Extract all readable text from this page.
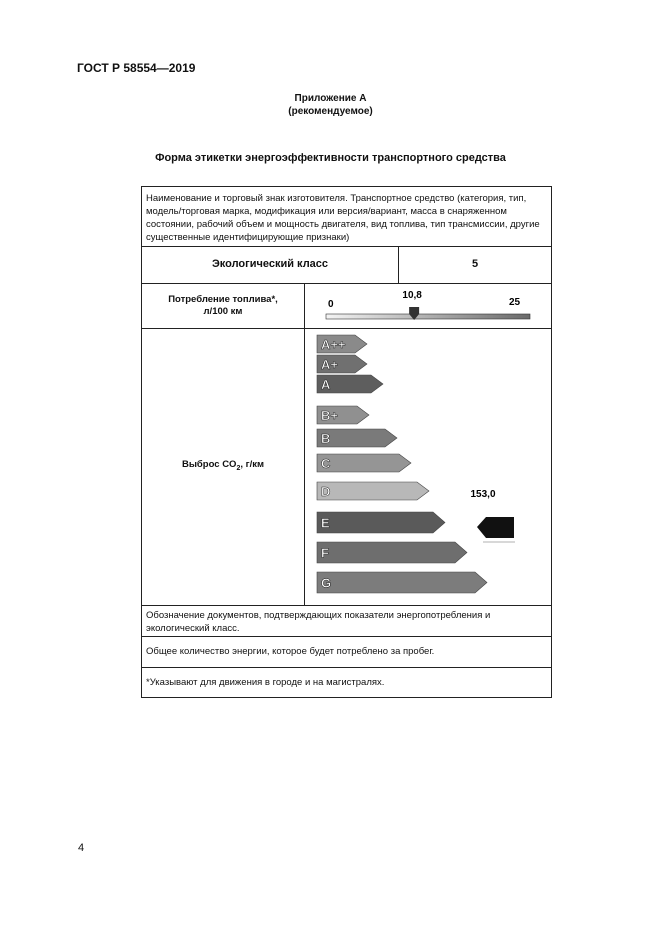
ГОСТ Р 58554—2019
Приложение А
(рекомендуемое)
Форма этикетки энергоэффективности транспортного средства
Наименование и торговый знак изготовителя. Транспортное средство (категория, тип, модель/торговая марка, модификация или версия/вариант, масса в снаряженном состоянии, рабочий объем и мощность двигателя, вид топлива, тип трансмиссии, другие существенные идентифицирующие признаки)
Экологический класс	5
Потребление топлива*,
л/100 км
0	25
10,8
Выброс $CO_2$, г/км
A++
A+
A
B+
B
C
D
E
F
G
153,0
Обозначение документов, подтверждающих показатели энергопотребления и экологический класс.
Общее количество энергии, которое будет потреблено за пробег.
*Указывают для движения в городе и на магистралях.
4
